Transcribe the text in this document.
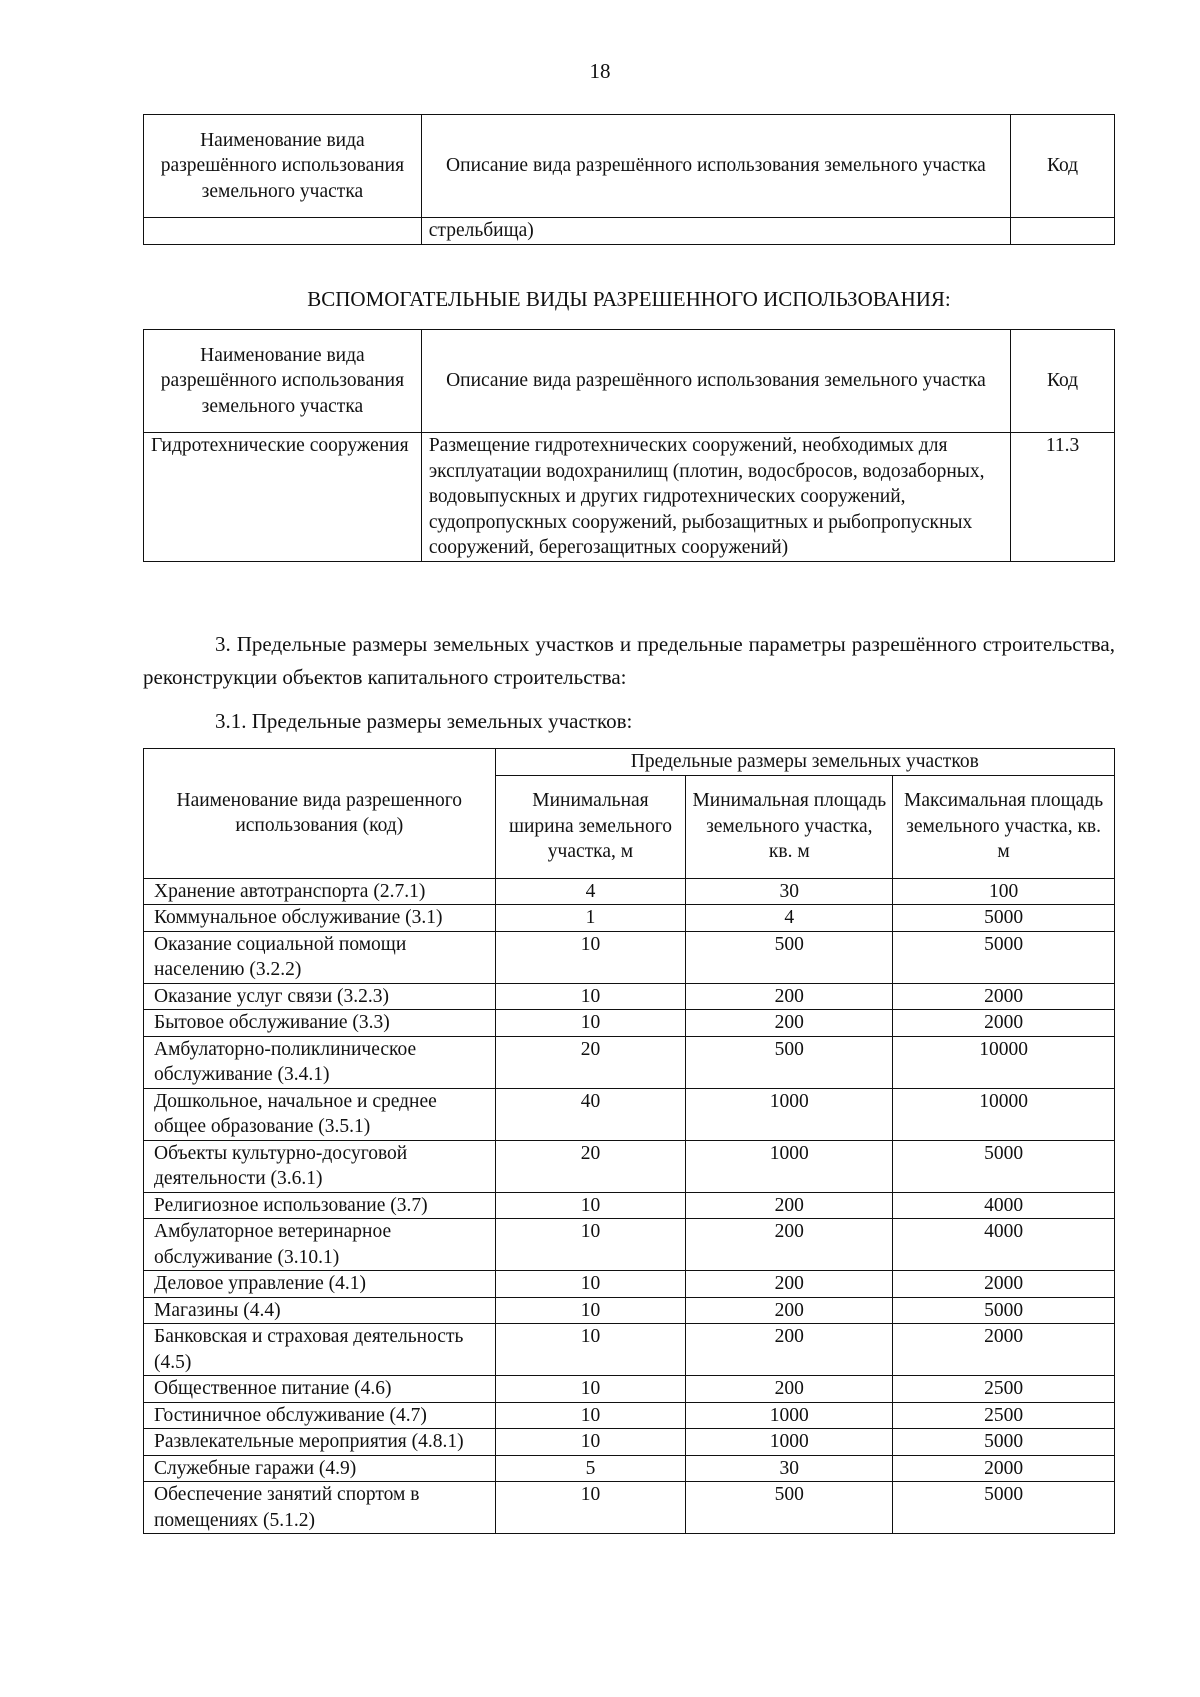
18
Наименование вида разрешённого использования земельного участка	Описание вида разрешённого использования земельного участка	Код
	стрельбища)	
ВСПОМОГАТЕЛЬНЫЕ ВИДЫ РАЗРЕШЕННОГО ИСПОЛЬЗОВАНИЯ:
Наименование вида разрешённого использования земельного участка	Описание вида разрешённого использования земельного участка	Код
Гидротехнические сооружения	Размещение гидротехнических сооружений, необходимых для эксплуатации водохранилищ (плотин, водосбросов, водозаборных, водовыпускных и других гидротехнических сооружений, судопропускных сооружений, рыбозащитных и рыбопропускных сооружений, берегозащитных сооружений)	11.3
3. Предельные размеры земельных участков и предельные параметры разрешённого строительства, реконструкции объектов капитального строительства:
3.1. Предельные размеры земельных участков:
Наименование вида разрешенного использования (код)	Предельные размеры земельных участков		
	Минимальная ширина земельного участка, м	Минимальная площадь земельного участка, кв. м	Максимальная площадь земельного участка, кв. м
Хранение автотранспорта (2.7.1)	4	30	100
Коммунальное обслуживание (3.1)	1	4	5000
Оказание социальной помощи населению (3.2.2)	10	500	5000
Оказание услуг связи (3.2.3)	10	200	2000
Бытовое обслуживание (3.3)	10	200	2000
Амбулаторно-поликлиническое обслуживание (3.4.1)	20	500	10000
Дошкольное, начальное и среднее общее образование (3.5.1)	40	1000	10000
Объекты культурно-досуговой деятельности (3.6.1)	20	1000	5000
Религиозное использование (3.7)	10	200	4000
Амбулаторное ветеринарное обслуживание (3.10.1)	10	200	4000
Деловое управление (4.1)	10	200	2000
Магазины (4.4)	10	200	5000
Банковская и страховая деятельность (4.5)	10	200	2000
Общественное питание (4.6)	10	200	2500
Гостиничное обслуживание (4.7)	10	1000	2500
Развлекательные мероприятия (4.8.1)	10	1000	5000
Служебные гаражи (4.9)	5	30	2000
Обеспечение занятий спортом в помещениях (5.1.2)	10	500	5000
